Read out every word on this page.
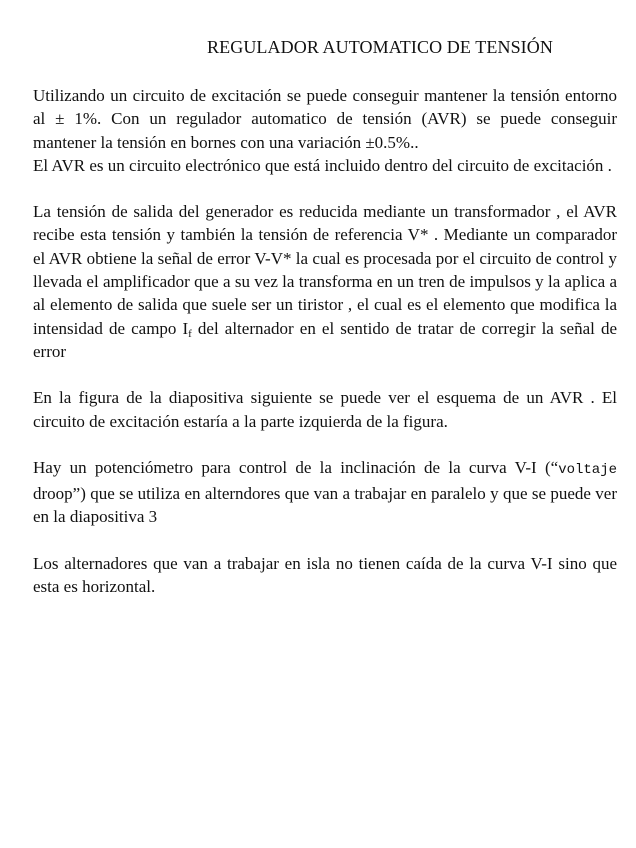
REGULADOR AUTOMATICO DE TENSIÓN

Utilizando un circuito de excitación se puede conseguir mantener la tensión entorno al ± 1%. Con un regulador automatico de tensión (AVR) se puede conseguir mantener la tensión en bornes con una variación ±0.5%..
El AVR es un circuito electrónico que está incluido dentro del circuito de excitación .

La tensión de salida del generador es reducida mediante un transformador , el AVR recibe esta tensión y también la tensión de referencia V* . Mediante un comparador el AVR obtiene la señal de error V-V* la cual es procesada por el circuito de control y llevada el amplificador que a su vez la transforma en un tren de impulsos y la aplica a al elemento de salida que suele ser un tiristor , el cual es el elemento que modifica la intensidad de campo $I_f$ del alternador en el sentido de tratar de corregir la señal de error

En la figura de la diapositiva siguiente se puede ver el esquema de un AVR . El circuito de excitación estaría a la parte izquierda de la figura.

Hay un potenciómetro para control de la inclinación de la curva V-I (“voltaje droop”) que se utiliza en alterndores que van a trabajar en paralelo y que se puede ver en la diapositiva 3

Los alternadores que van a trabajar en isla no tienen caída de la curva V-I sino que esta es horizontal.
